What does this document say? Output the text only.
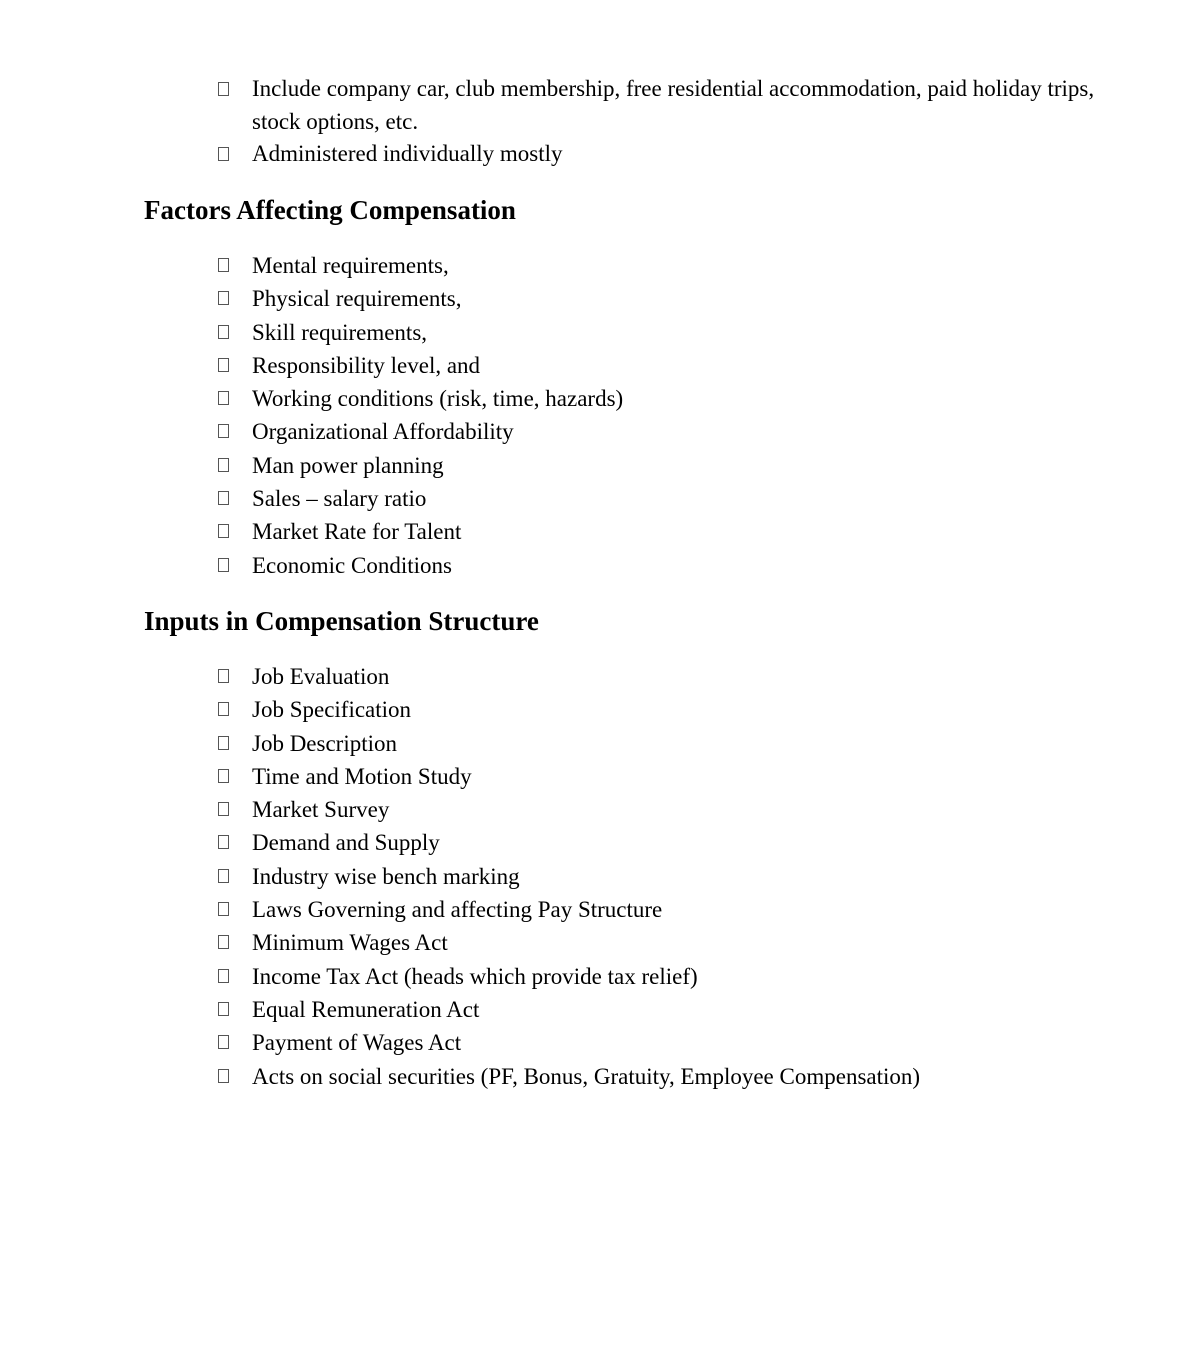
Include company car, club membership, free residential accommodation, paid holiday trips, stock options, etc.
Administered individually mostly
Factors Affecting Compensation
Mental requirements,
Physical requirements,
Skill requirements,
Responsibility level, and
Working conditions (risk, time, hazards)
Organizational Affordability
Man power planning
Sales – salary ratio
Market Rate for Talent
Economic Conditions
Inputs in Compensation Structure
Job Evaluation
Job Specification
Job Description
Time and Motion Study
Market Survey
Demand and Supply
Industry wise bench marking
Laws Governing and affecting Pay Structure
Minimum Wages Act
Income Tax Act (heads which provide tax relief)
Equal Remuneration Act
Payment of Wages Act
Acts on social securities (PF, Bonus, Gratuity, Employee Compensation)
